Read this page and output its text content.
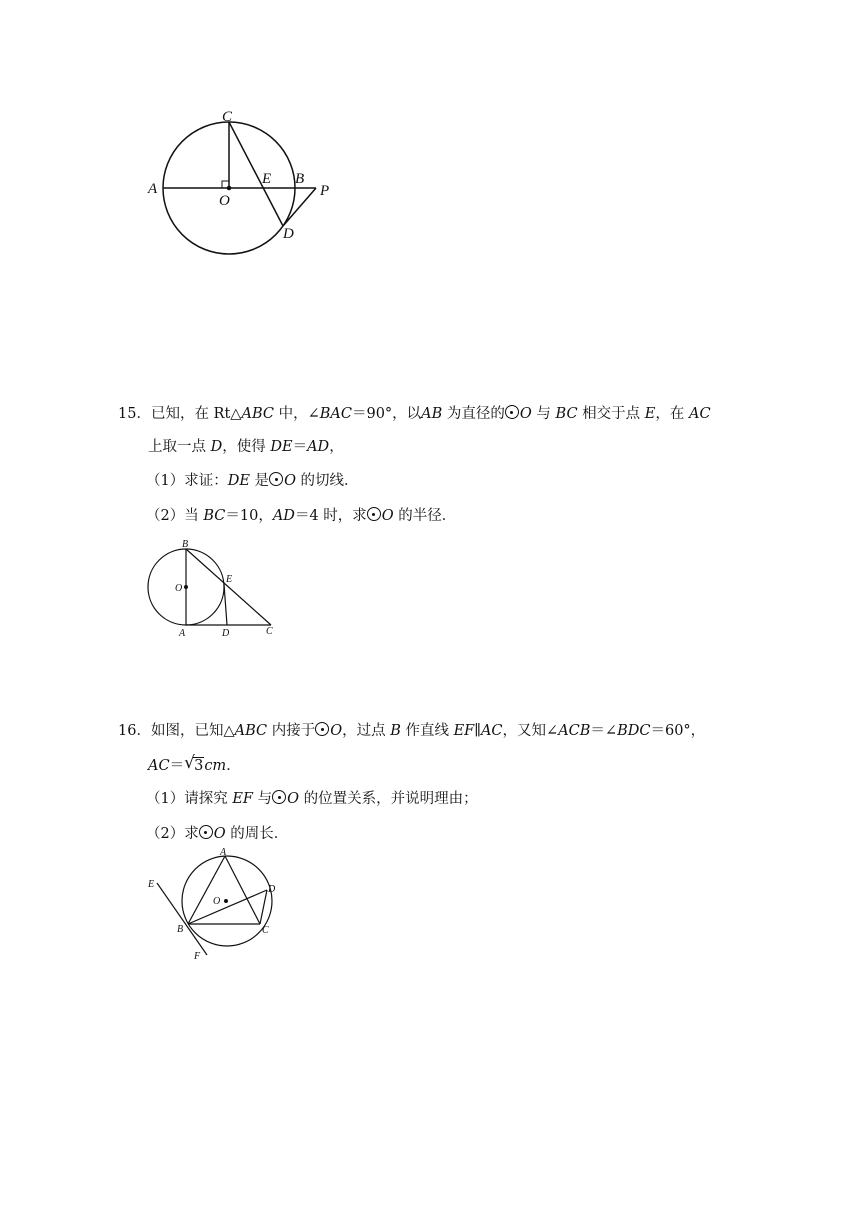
C
A
O
E B
P
D
15．已知，在 Rt△ABC 中，∠BAC＝90°，以AB 为直径的 O 与 BC 相交于点 E，在 AC
上取一点 D，使得 DE＝AD，
（1）求证：DE 是 O 的切线．
（2）当 BC＝10，AD＝4 时，求 O 的半径．
B
O
E
A	D	C
16．如图，已知△ABC 内接于 O，过点 B 作直线 EF∥AC，又知∠ACB＝∠BDC＝60°，
AC＝ √ 3cm．
（1）请探究 EF 与 O 的位置关系，并说明理由；
（2）求 O 的周长．
A
E
O
D
B	C
F
